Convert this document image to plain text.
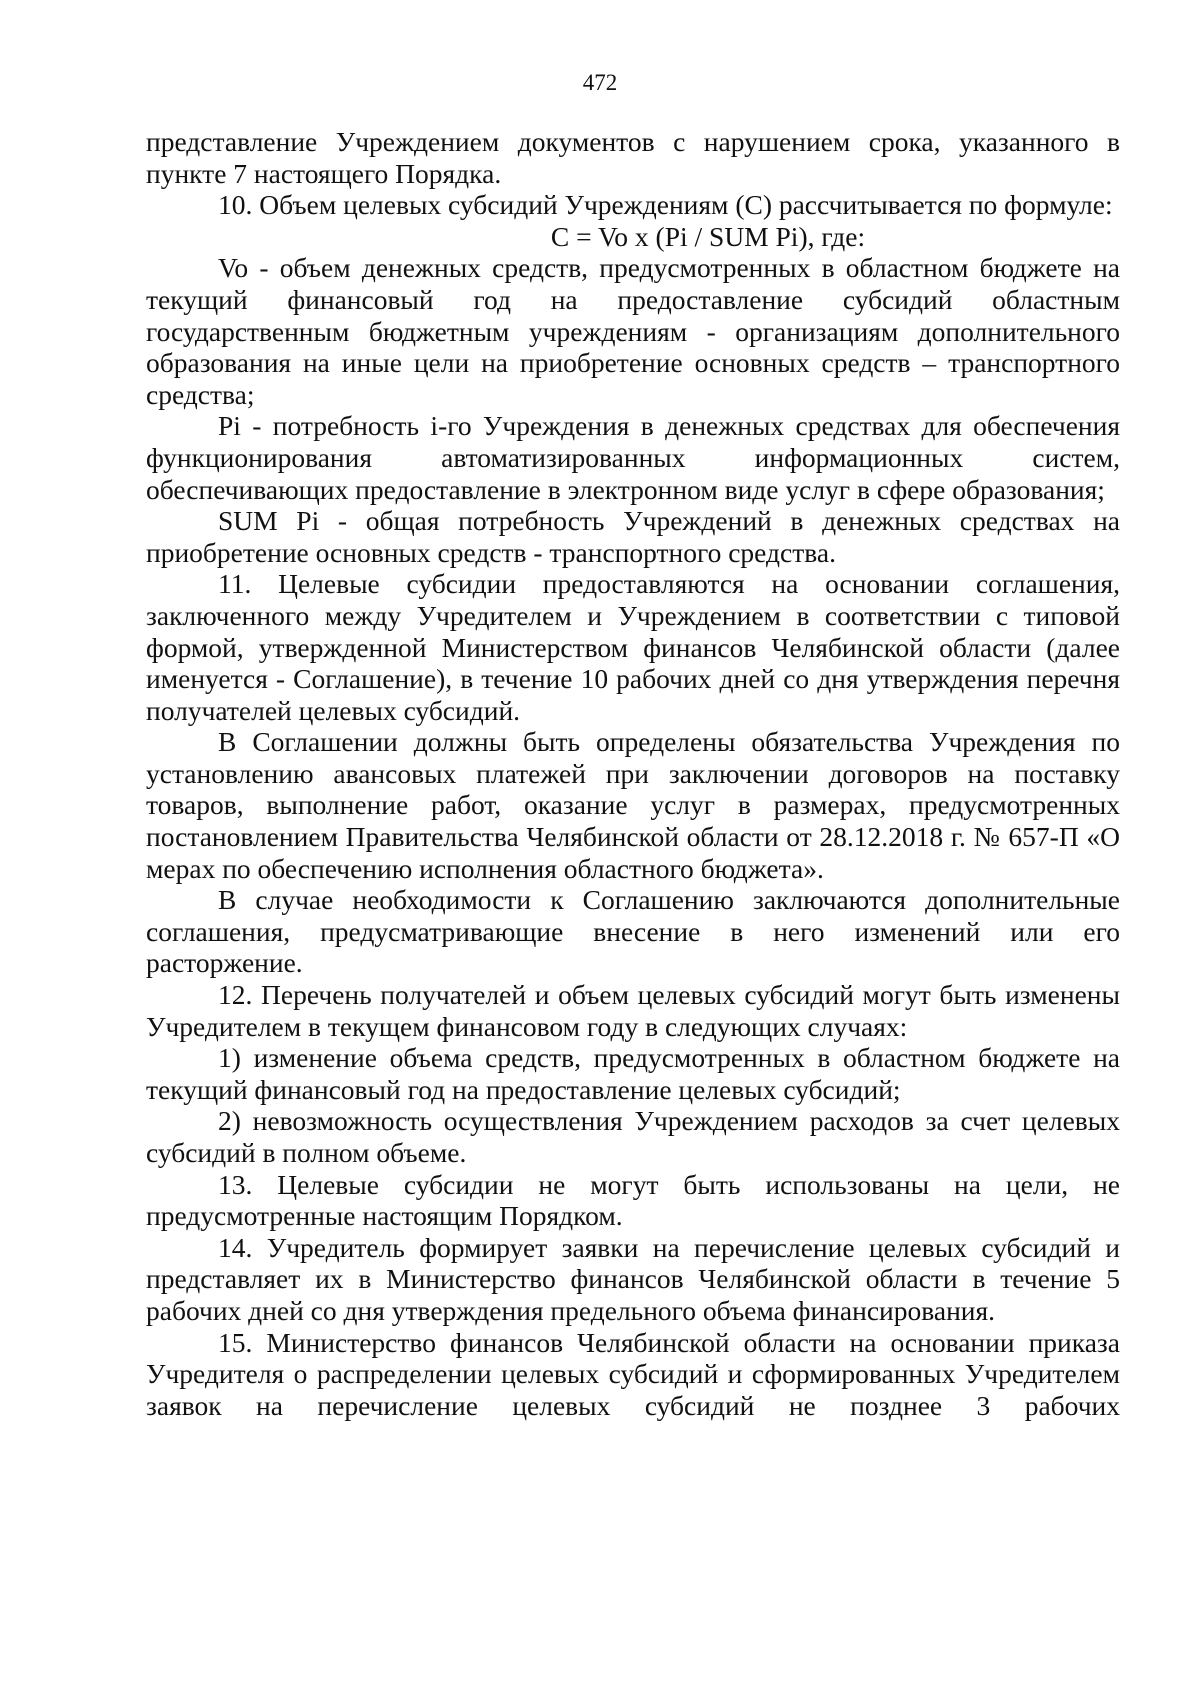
472

представление Учреждением документов с нарушением срока, указанного в пункте 7 настоящего Порядка.

10. Объем целевых субсидий Учреждениям (С) рассчитывается по формуле:

C = Vo x (Pi / SUM Pi), где:

Vo - объем денежных средств, предусмотренных в областном бюджете на текущий финансовый год на предоставление субсидий областным государственным бюджетным учреждениям - организациям дополнительного образования на иные цели на приобретение основных средств – транспортного средства;

Pi - потребность i-го Учреждения в денежных средствах для обеспечения функционирования автоматизированных информационных систем, обеспечивающих предоставление в электронном виде услуг в сфере образования;

SUM Pi - общая потребность Учреждений в денежных средствах на приобретение основных средств - транспортного средства.

11. Целевые субсидии предоставляются на основании соглашения, заключенного между Учредителем и Учреждением в соответствии с типовой формой, утвержденной Министерством финансов Челябинской области (далее именуется - Соглашение), в течение 10 рабочих дней со дня утверждения перечня получателей целевых субсидий.

В Соглашении должны быть определены обязательства Учреждения по установлению авансовых платежей при заключении договоров на поставку товаров, выполнение работ, оказание услуг в размерах, предусмотренных постановлением Правительства Челябинской области от 28.12.2018 г. № 657-П «О мерах по обеспечению исполнения областного бюджета».

В случае необходимости к Соглашению заключаются дополнительные соглашения, предусматривающие внесение в него изменений или его расторжение.

12. Перечень получателей и объем целевых субсидий могут быть изменены Учредителем в текущем финансовом году в следующих случаях:

1) изменение объема средств, предусмотренных в областном бюджете на текущий финансовый год на предоставление целевых субсидий;

2) невозможность осуществления Учреждением расходов за счет целевых субсидий в полном объеме.

13. Целевые субсидии не могут быть использованы на цели, не предусмотренные настоящим Порядком.

14. Учредитель формирует заявки на перечисление целевых субсидий и представляет их в Министерство финансов Челябинской области в течение 5 рабочих дней со дня утверждения предельного объема финансирования.

15. Министерство финансов Челябинской области на основании приказа Учредителя о распределении целевых субсидий и сформированных Учредителем заявок на перечисление целевых субсидий не позднее 3 рабочих
